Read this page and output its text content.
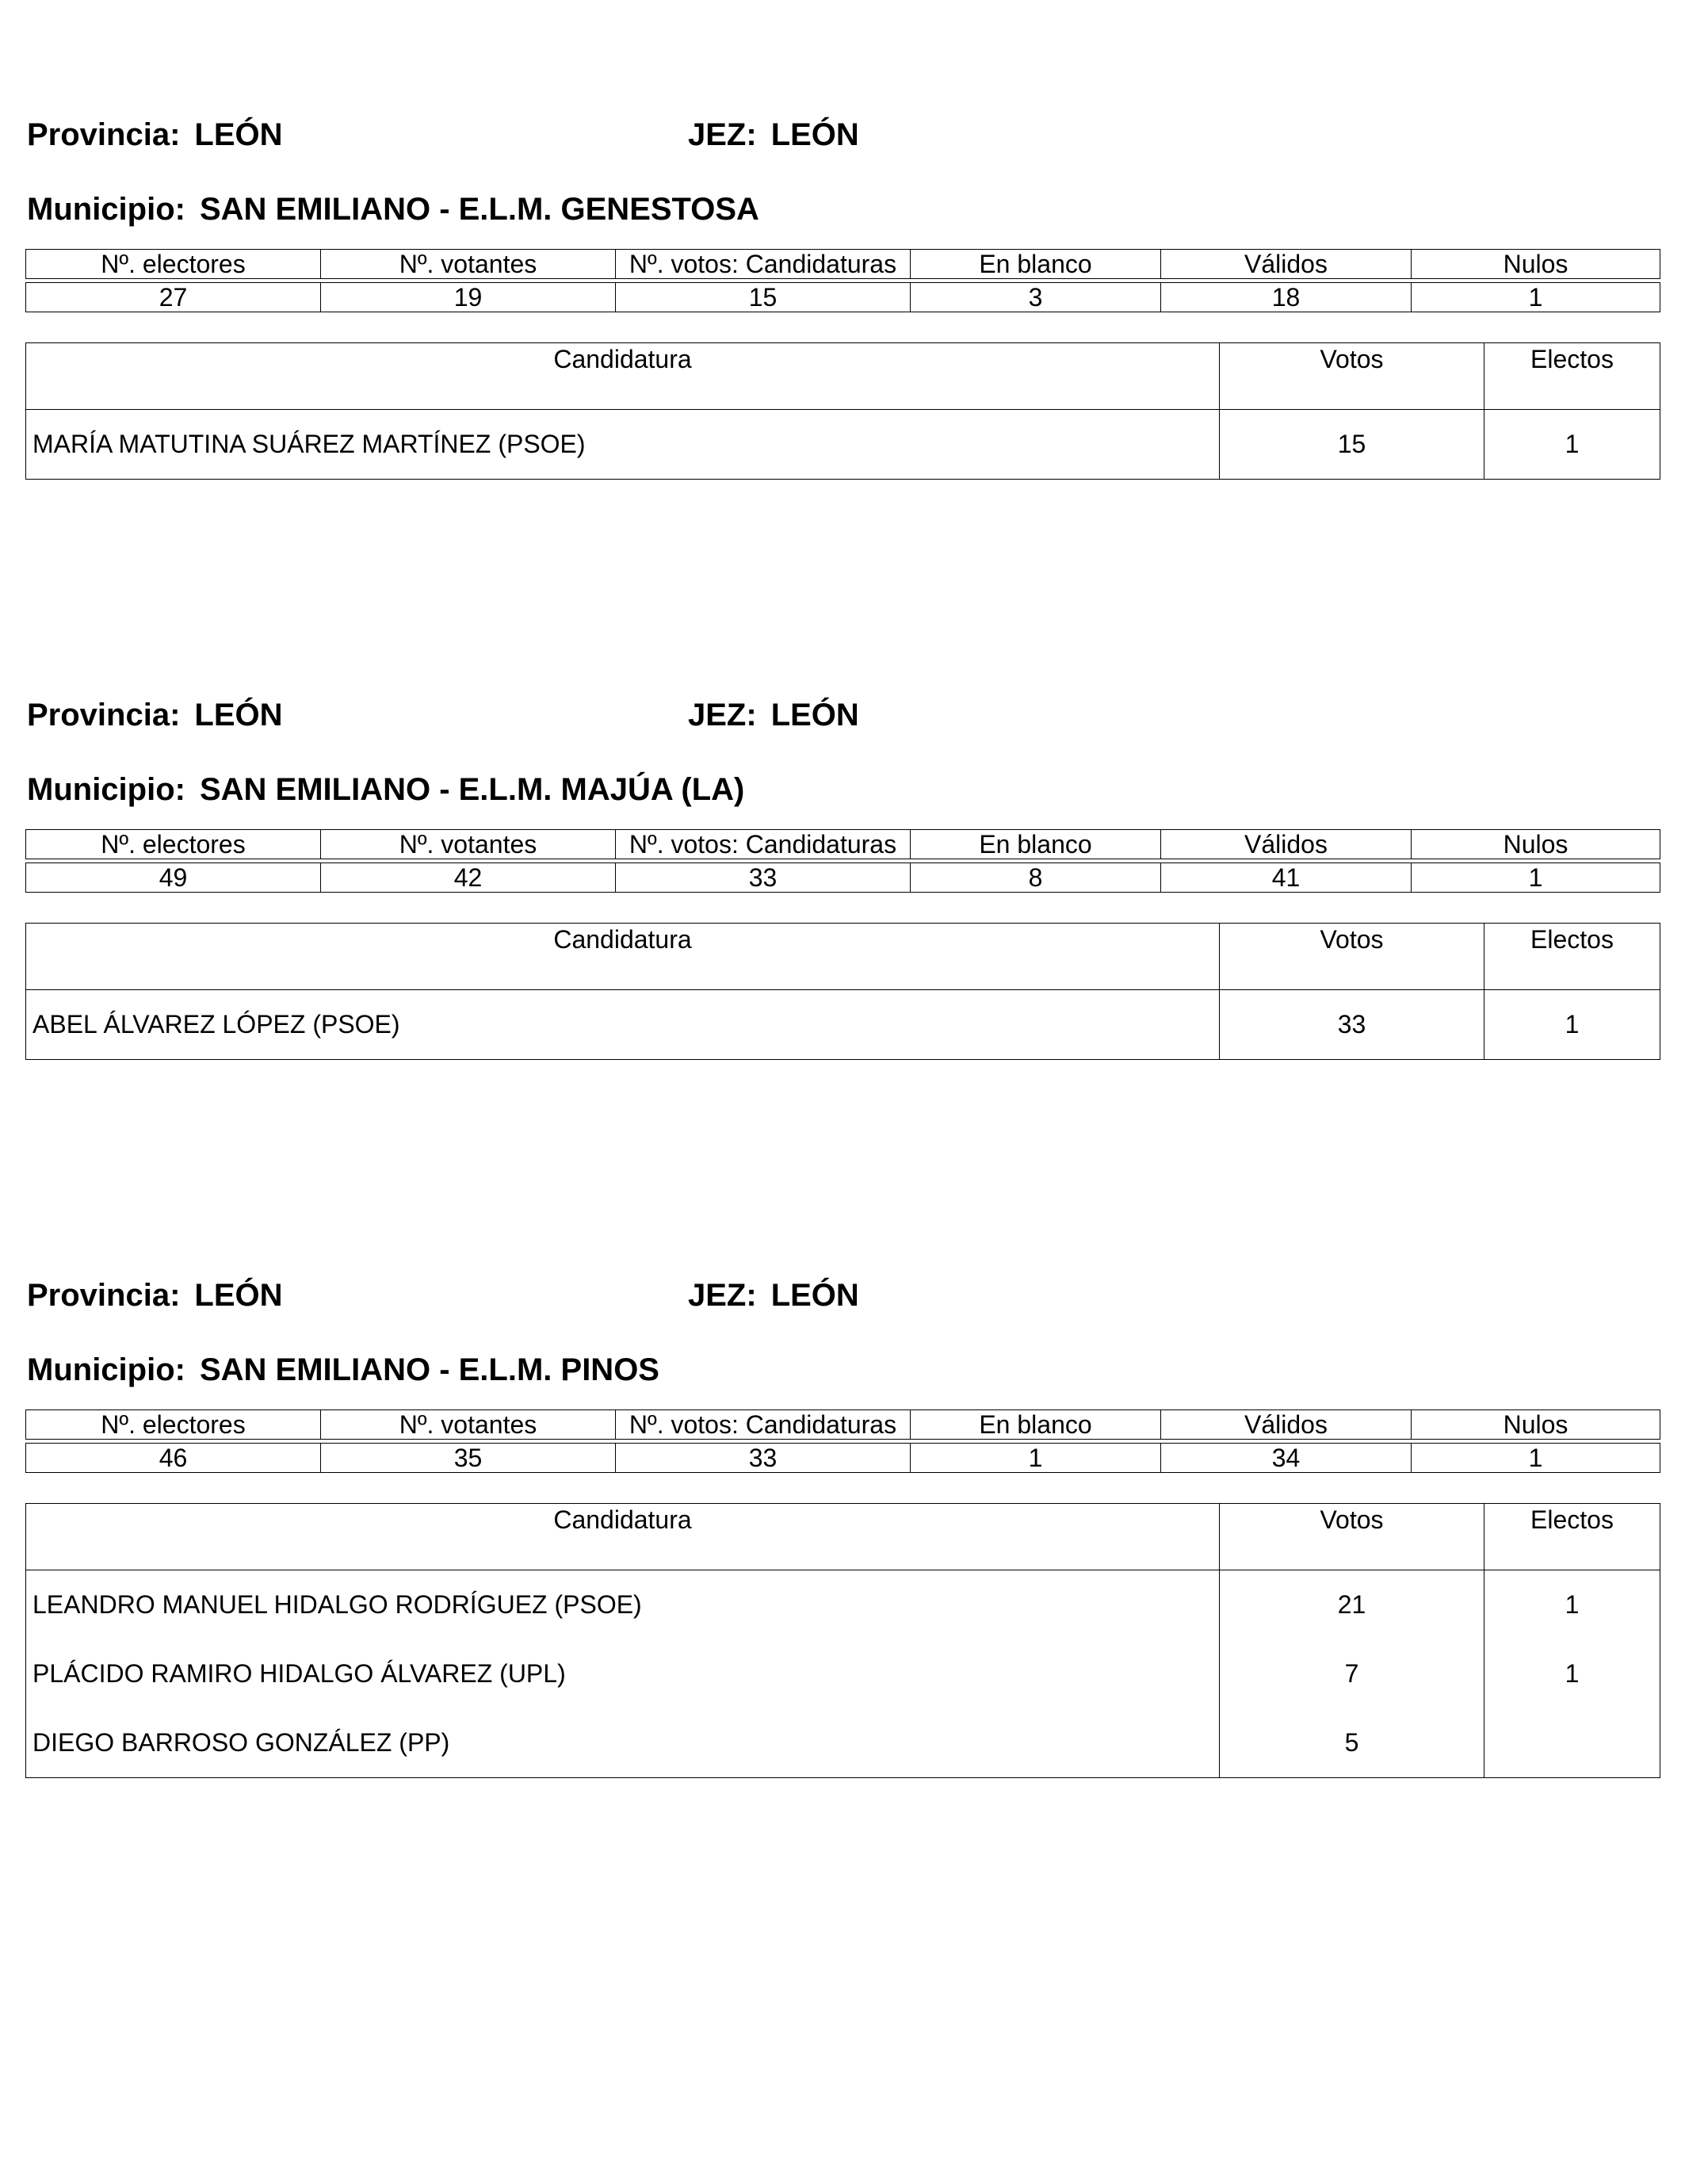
Provincia: LEÓN	JEZ: LEÓN
Municipio: SAN EMILIANO - E.L.M. GENESTOSA
Nº. electores	Nº. votantes	Nº. votos: Candidaturas	En blanco	Válidos	Nulos

27	19	15	3	18	1
Candidatura	Votos	Electos
MARÍA MATUTINA SUÁREZ MARTÍNEZ (PSOE)	15	1
Provincia: LEÓN	JEZ: LEÓN
Municipio: SAN EMILIANO - E.L.M. MAJÚA (LA)
Nº. electores	Nº. votantes	Nº. votos: Candidaturas	En blanco	Válidos	Nulos

49	42	33	8	41	1
Candidatura	Votos	Electos
ABEL ÁLVAREZ LÓPEZ (PSOE)	33	1
Provincia: LEÓN	JEZ: LEÓN
Municipio: SAN EMILIANO - E.L.M. PINOS
Nº. electores	Nº. votantes	Nº. votos: Candidaturas	En blanco	Válidos	Nulos

46	35	33	1	34	1
Candidatura	Votos	Electos
LEANDRO MANUEL HIDALGO RODRÍGUEZ (PSOE)	21	1
PLÁCIDO RAMIRO HIDALGO ÁLVAREZ (UPL)	7	1
DIEGO BARROSO GONZÁLEZ (PP)	5	
